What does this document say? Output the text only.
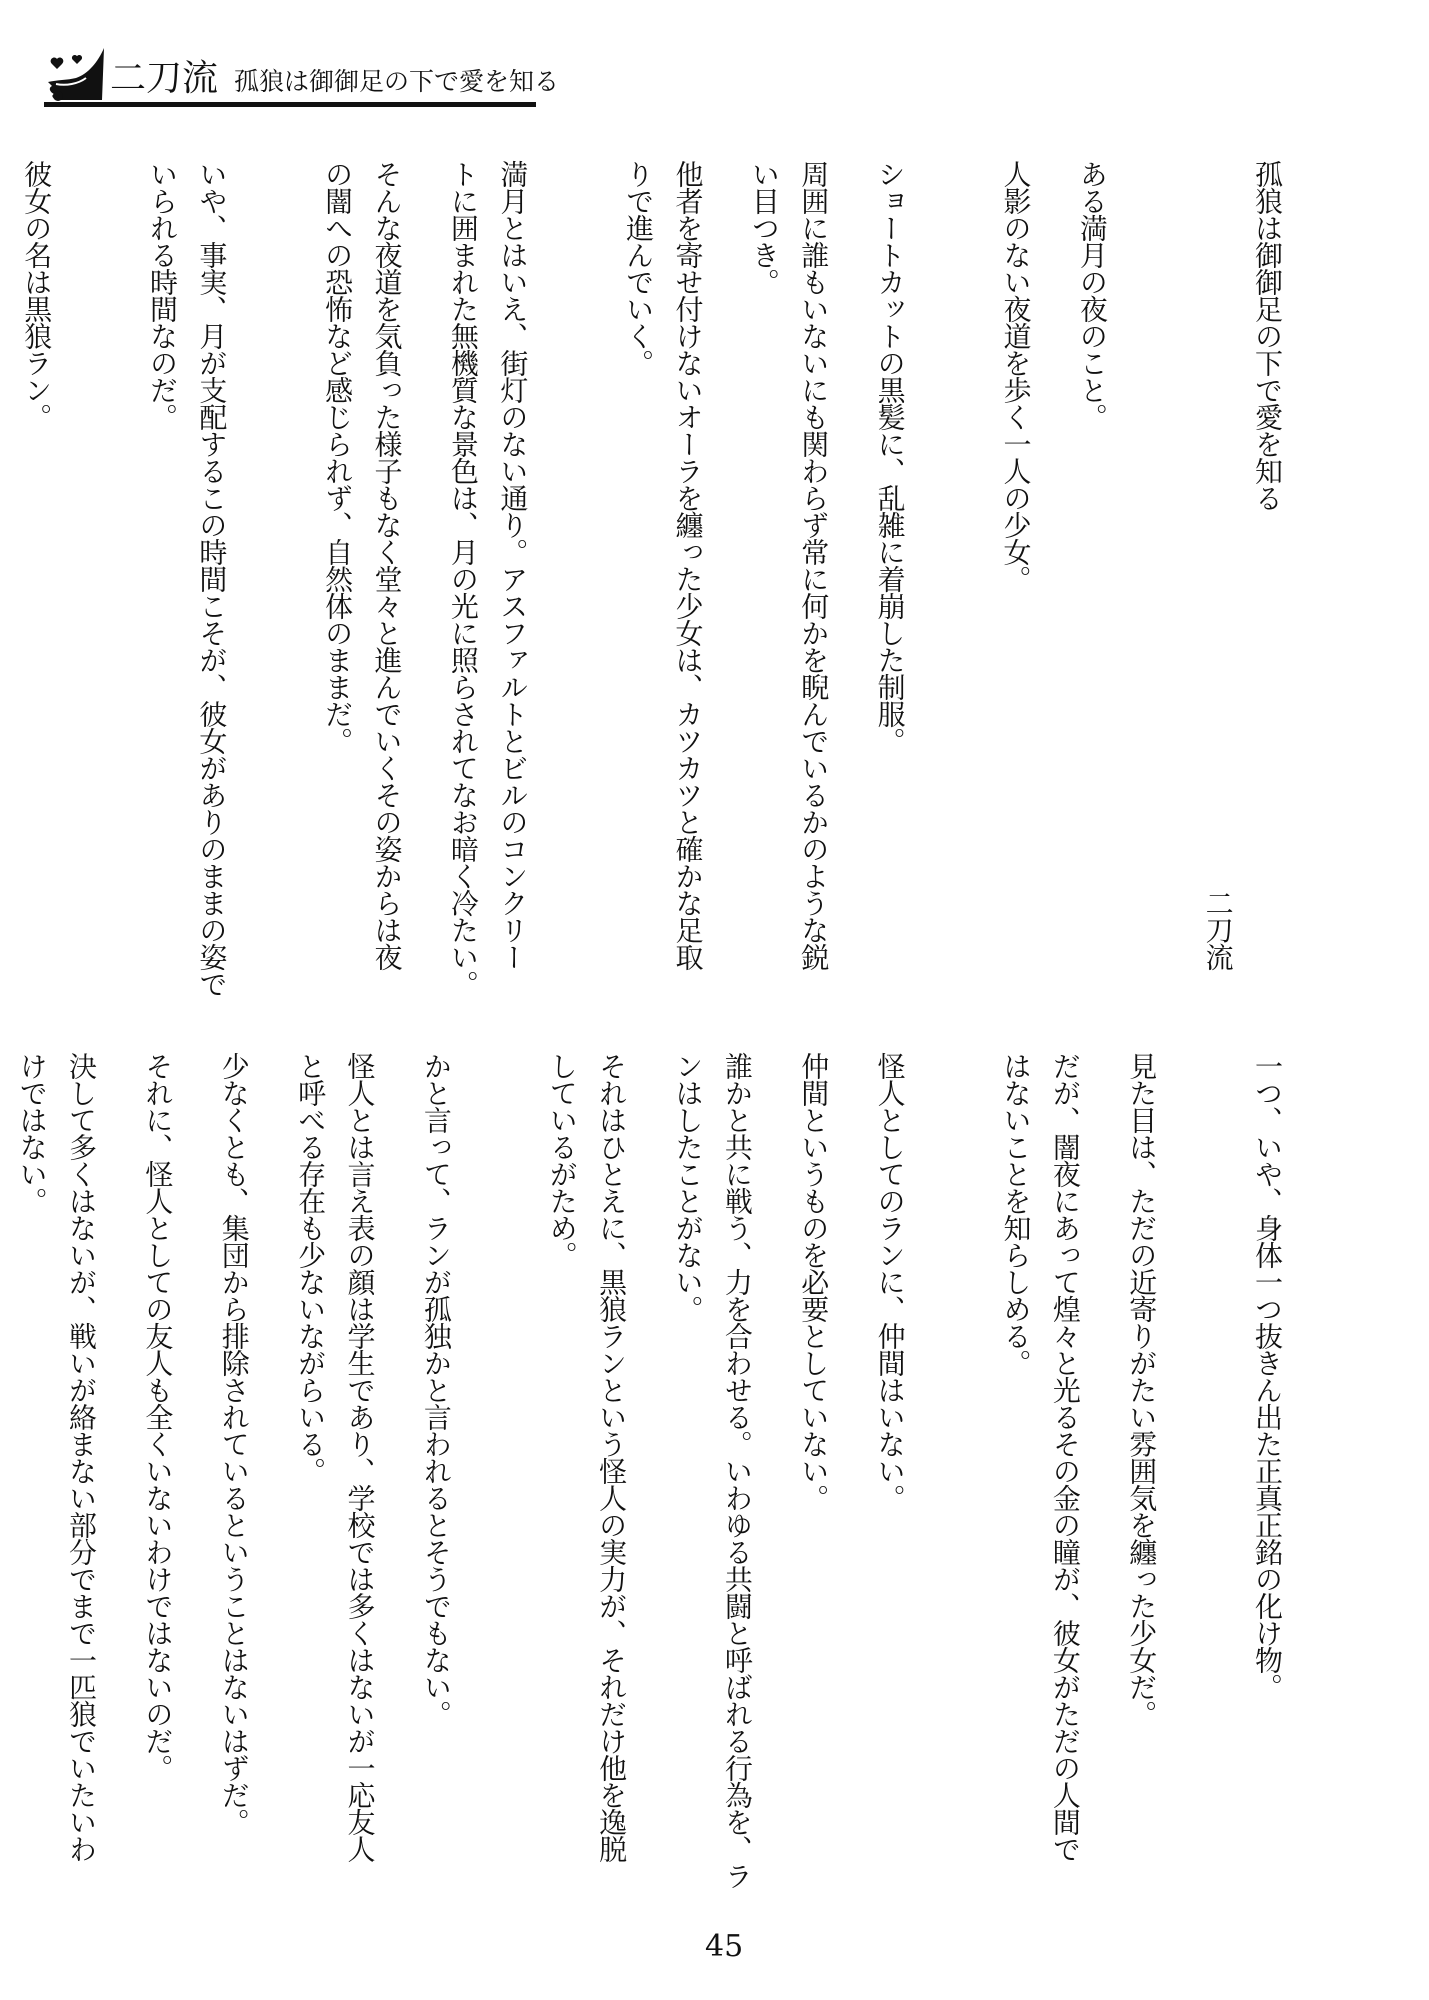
二刀流 孤狼は御御足の下で愛を知る

孤狼は御御足の下で愛を知る

二刀流

ある満月の夜のこと。

人影のない夜道を歩く一人の少女。

ショートカットの黒髪に、乱雑に着崩した制服。

周囲に誰もいないにも関わらず常に何かを睨んでいるかのような鋭

い目つき。

他者を寄せ付けないオーラを纏った少女は、カツカツと確かな足取

りで進んでいく。

満月とはいえ、街灯のない通り。アスファルトとビルのコンクリー

トに囲まれた無機質な景色は、月の光に照らされてなお暗く冷たい。

そんな夜道を気負った様子もなく堂々と進んでいくその姿からは夜

の闇への恐怖など感じられず、自然体のままだ。

いや、事実、月が支配するこの時間こそが、彼女がありのままの姿で

いられる時間なのだ。

彼女の名は黒狼ラン。

一つ、いや、身体一つ抜きん出た正真正銘の化け物。

見た目は、ただの近寄りがたい雰囲気を纏った少女だ。

だが、闇夜にあって煌々と光るその金の瞳が、彼女がただの人間で

はないことを知らしめる。

怪人としてのランに、仲間はいない。

仲間というものを必要としていない。

誰かと共に戦う、力を合わせる。いわゆる共闘と呼ばれる行為を、ラ

ンはしたことがない。

それはひとえに、黒狼ランという怪人の実力が、それだけ他を逸脱

しているがため。

かと言って、ランが孤独かと言われるとそうでもない。

怪人とは言え表の顔は学生であり、学校では多くはないが一応友人

と呼べる存在も少ないながらいる。

少なくとも、集団から排除されているということはないはずだ。

それに、怪人としての友人も全くいないわけではないのだ。

決して多くはないが、戦いが絡まない部分でまで一匹狼でいたいわ

けではない。

45
